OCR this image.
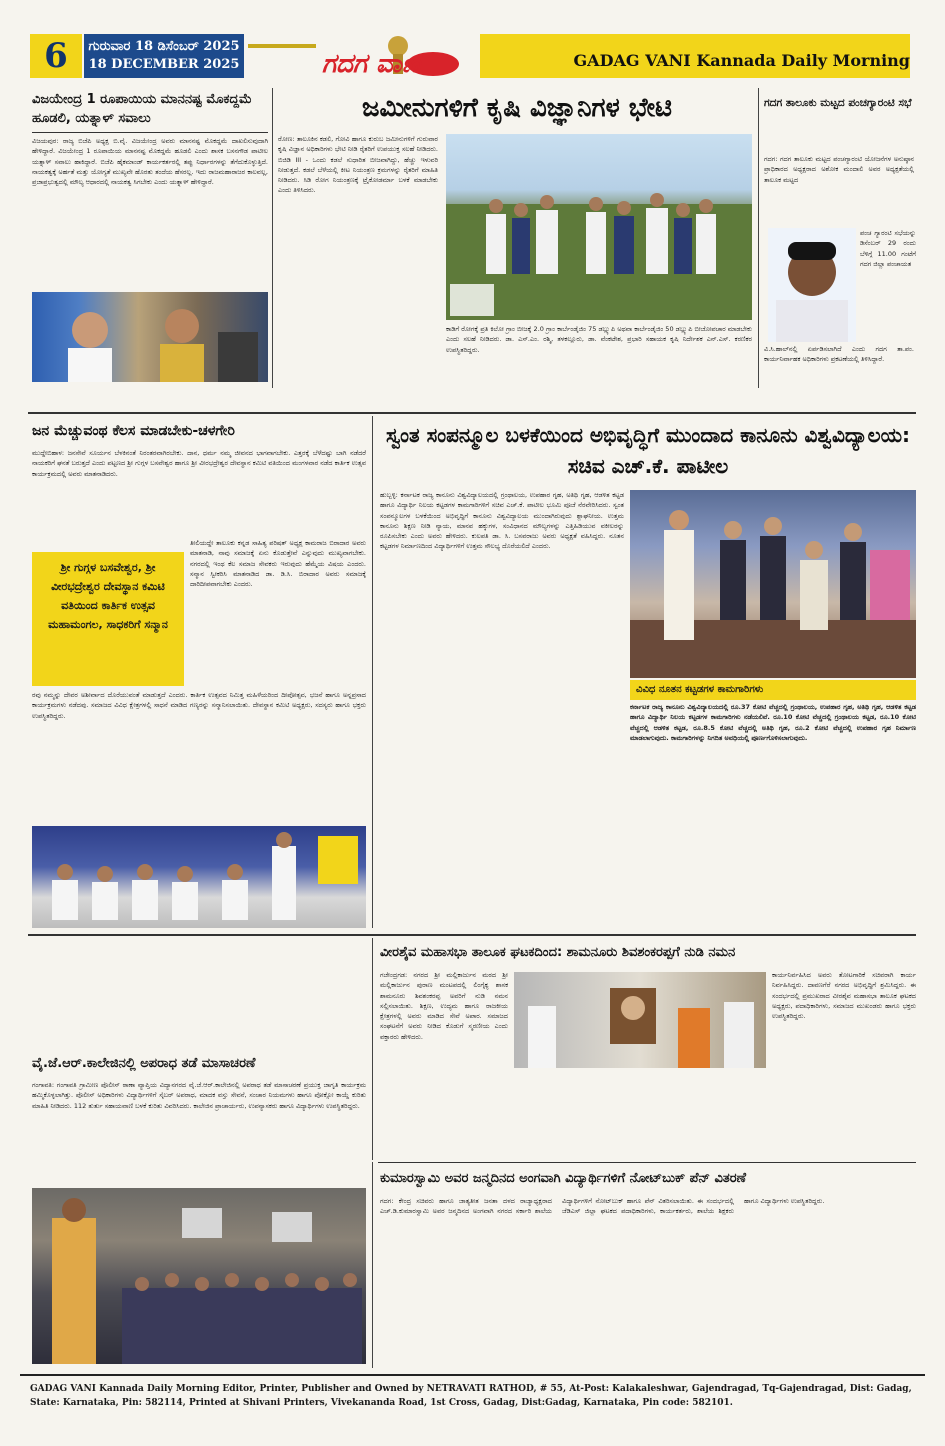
6	ಗುರುವಾರ 18 ಡಿಸೆಂಬರ್ 2025
18 DECEMBER 2025	ಗದಗ ವಾಣಿ	GADAG VANI Kannada Daily Morning
ವಿಜಯೇಂದ್ರ 1 ರೂಪಾಯಿಯ ಮಾನನಷ್ಟ ಮೊಕದ್ದಮೆ ಹೂಡಲಿ, ಯತ್ನಾಳ್ ಸವಾಲು
ವಿಜಯಪುರ: ರಾಜ್ಯ ಬಿಜೆಪಿ ಅಧ್ಯಕ್ಷ ಬಿ.ವೈ. ವಿಜಯೇಂದ್ರ ಅವರು ಮಾನನಷ್ಟ ಮೊಕದ್ದಮೆ ದಾಖಲಿಸುವುದಾಗಿ ಹೇಳಿದ್ದಾರೆ. ವಿಜಯೇಂದ್ರ 1 ರೂಪಾಯಿಯ ಮಾನನಷ್ಟ ಮೊಕದ್ದಮೆ ಹೂಡಲಿ ಎಂದು ಶಾಸಕ ಬಸನಗೌಡ ಪಾಟೀಲ ಯತ್ನಾಳ್ ಸವಾಲು ಹಾಕಿದ್ದಾರೆ. ಬಿಜೆಪಿ ಹೈಕಮಾಂಡ್ ಕಾರ್ಯಕರ್ತರಲ್ಲಿ ತಪ್ಪು ನಿರ್ಧಾರಗಳನ್ನು ತೆಗೆದುಕೊಳ್ಳುತ್ತಿದೆ. ನಾಯಕತ್ವಕ್ಕೆ ಅರ್ಹತೆ ಮತ್ತು ಯೋಗ್ಯತೆ ಮುಖ್ಯವೇ ಹೊರತು ತಂದೆಯ ಹೆಸರಲ್ಲ. ಇದು ರಾಜಮಹಾರಾಜರ ಕಾಲವಲ್ಲ, ಪ್ರಜಾಪ್ರಭುತ್ವದಲ್ಲಿ ಮೌಲ್ಯ ಆಧಾರದಲ್ಲಿ ನಾಯಕತ್ವ ಸಿಗಬೇಕು ಎಂದು ಯತ್ನಾಳ್ ಹೇಳಿದ್ದಾರೆ.
ಜಮೀನುಗಳಿಗೆ ಕೃಷಿ ವಿಜ್ಞಾನಿಗಳ ಭೇಟಿ
ರೋಣ: ತಾಲೂಕಿನ ಕಡಲಿ, ಗೋವಿ ಹಾಗೂ ಕುರುಬ ಜಮೀನುಗಳಿಗೆ ಗುರುವಾರ ಕೃಷಿ ವಿಜ್ಞಾನ ಅಧಿಕಾರಿಗಳು ಭೇಟಿ ನೀಡಿ ರೈತರಿಗೆ ಉಪಯುಕ್ತ ಸಲಹೆ ನೀಡಿದರು. ಬಿಜಿಡಿ III - ಒಂದು ಕಡಲೆ ಸುಧಾರಿತ ಬೀಜವಾಗಿದ್ದು, ಹೆಚ್ಚು ಇಳುವರಿ ನೀಡುತ್ತದೆ. ಕಡಲೆ ಬೆಳೆಯಲ್ಲಿ ಕೀಟ ನಿಯಂತ್ರಣ ಕ್ರಮಗಳನ್ನು ರೈತರಿಗೆ ಮಾಹಿತಿ ನೀಡಿದರು. ಸಿಡಿ ರೋಗ ನಿಯಂತ್ರಣಕ್ಕೆ ಟ್ರೈಕೋಡರ್ಮಾ ಬಳಕೆ ಮಾಡಬೇಕು ಎಂದು ತಿಳಿಸಿದರು.
ಕಾಡಿಗೆ ರೋಗಕ್ಕೆ ಪ್ರತಿ ಕಿಲೋ ಗ್ರಾಂ ಬೀಜಕ್ಕೆ 2.0 ಗ್ರಾಂ ಕಾರ್ಬೆಂಡೈಜಿಂ 75 ಡಬ್ಲ್ಯುಪಿ ಅಥವಾ ಕಾರ್ಬೆಂಡೈಜಿಂ 50 ಡಬ್ಲ್ಯುಪಿ ಬೀಜೋಪಚಾರ ಮಾಡಬೇಕು ಎಂದು ಸಲಹೆ ನೀಡಿದರು. ಡಾ. ಎಸ್.ಎಂ. ರಶ್ಮಿ, ತಳಕಲ್ಲೂರು, ಡಾ. ವೆಂಕಟೇಶ, ಪ್ರಭಾರಿ ಸಹಾಯಕ ಕೃಷಿ ನಿರ್ದೇಶಕ ಎನ್.ಎಸ್. ಕರಣಿಕರ ಉಪಸ್ಥಿತರಿದ್ದರು.
ಗದಗ ತಾಲೂಕು ಮಟ್ಟದ ಪಂಚಗ್ಯಾರಂಟಿ ಸಭೆ
ಗದಗ: ಗದಗ ತಾಲೂಕು ಮಟ್ಟದ ಪಂಚಗ್ಯಾರಂಟಿ ಯೋಜನೆಗಳ ಅನುಷ್ಠಾನ ಪ್ರಾಧಿಕಾರದ ಅಧ್ಯಕ್ಷರಾದ ಅಶೋಕ ಮಂದಾಲಿ ಅವರ ಅಧ್ಯಕ್ಷತೆಯಲ್ಲಿ ತಾಲೂಕ ಮಟ್ಟದ
ಪಂಚ ಗ್ಯಾರಂಟಿ ಸಭೆಯನ್ನು ಡಿಸೆಂಬರ್ 29 ರಂದು ಬೆಳಿಗ್ಗೆ 11.00 ಗಂಟೆಗೆ ಗದಗ ಜಿಲ್ಲಾ ಪಂಚಾಯತ
ವಿ.ಸಿ.ಹಾಲ್‌ನಲ್ಲಿ ಏರ್ಪಡಿಸಲಾಗಿದೆ ಎಂದು ಗದಗ ತಾ.ಪಂ. ಕಾರ್ಯನಿರ್ವಾಹಕ ಅಧಿಕಾರಿಗಳು ಪ್ರಕಟಣೆಯಲ್ಲಿ ತಿಳಿಸಿದ್ದಾರೆ.
ಜನ ಮೆಚ್ಚುವಂಥ ಕೆಲಸ ಮಾಡಬೇಕು-ಚಳಗೇರಿ
ಮುದ್ದೇಬಿಹಾಳ: ಜನಸೇವೆ ಸೂರ್ಯನ ಬೆಳಕಿನಂತೆ ನಿರಂತರವಾಗಿರಬೇಕು. ದಾನ, ಧರ್ಮ ನಮ್ಮ ಜೀವನದ ಭಾಗವಾಗಬೇಕು. ಎತ್ತರಕ್ಕೆ ಬೆಳೆದಷ್ಟು ಬಾಗಿ ನಡೆದರೆ ನಾಯಕರಿಗೆ ಘನತೆ ಬರುತ್ತದೆ ಎಂದು ಪಟ್ಟಣದ ಶ್ರೀ ಗುಗ್ಗಳ ಬಸವೇಶ್ವರ ಹಾಗೂ ಶ್ರೀ ವೀರಭದ್ರೇಶ್ವರ ದೇವಸ್ಥಾನ ಕಮಿಟಿ ವತಿಯಿಂದ ಮಂಗಳವಾರ ನಡೆದ ಕಾರ್ತಿಕ ಉತ್ಸವ ಕಾರ್ಯಕ್ರಮದಲ್ಲಿ ಅವರು ಮಾತನಾಡಿದರು.
ಶ್ರೀ ಗುಗ್ಗಳ ಬಸವೇಶ್ವರ, ಶ್ರೀ ವೀರಭದ್ರೇಶ್ವರ ದೇವಸ್ಥಾನ ಕಮಿಟಿ ವತಿಯಿಂದ ಕಾರ್ತಿಕ ಉತ್ಸವ ಮಹಾಮಂಗಲ, ಸಾಧಕರಿಗೆ ಸನ್ಮಾನ
ತೀಲಿಯದ್ದೇ ತಾಲೂಕು ಕನ್ನಡ ಸಾಹಿತ್ಯ ಪರಿಷತ್ ಅಧ್ಯಕ್ಷ ಕಾಮರಾಜ ಬಿರಾದಾರ ಅವರು ಮಾತನಾಡಿ, ನಾವು ಸಮಾಜಕ್ಕೆ ಏನು ಕೊಡುತ್ತೇವೆ ಎನ್ನುವುದು ಮುಖ್ಯವಾಗಬೇಕು. ನಗರದಲ್ಲಿ ಇಂಥ ಕೆಲ ಸಮಾಜ ಸೇವಕರು ಇರುವುದು ಹೆಮ್ಮೆಯ ವಿಷಯ ಎಂದರು. ಸನ್ಮಾನ ಸ್ವೀಕರಿಸಿ ಮಾತನಾಡಿದ ಡಾ. ಡಿ.ಸಿ. ಬಿರಾದಾರ ಅವರು ಸಮಾಜಕ್ಕೆ ದಾರಿದೀಪವಾಗಬೇಕು ಎಂದರು.
ರವು ನಮ್ಮನ್ನು ದೇವರ ಅಶೀರ್ವಾದ ದೊರೆಯುವಂತೆ ಮಾಡುತ್ತದೆ ಎಂದರು. ಕಾರ್ತಿಕ ಉತ್ಸವದ ನಿಮಿತ್ತ ಮಹಿಳೆಯರಿಂದ ದೀಪೋತ್ಸವ, ಭಜನೆ ಹಾಗೂ ಅನ್ನಪ್ರಸಾದ ಕಾರ್ಯಕ್ರಮಗಳು ನಡೆದವು. ಸಮಾಜದ ವಿವಿಧ ಕ್ಷೇತ್ರಗಳಲ್ಲಿ ಸಾಧನೆ ಮಾಡಿದ ಗಣ್ಯರನ್ನು ಸನ್ಮಾನಿಸಲಾಯಿತು. ದೇವಸ್ಥಾನ ಕಮಿಟಿ ಅಧ್ಯಕ್ಷರು, ಸದಸ್ಯರು ಹಾಗೂ ಭಕ್ತರು ಉಪಸ್ಥಿತರಿದ್ದರು.
ಸ್ವಂತ ಸಂಪನ್ಮೂಲ ಬಳಕೆಯಿಂದ ಅಭಿವೃದ್ಧಿಗೆ ಮುಂದಾದ ಕಾನೂನು ವಿಶ್ವವಿದ್ಯಾಲಯ: ಸಚಿವ ಎಚ್.ಕೆ. ಪಾಟೀಲ
ಹುಬ್ಬಳ್ಳಿ: ಕರ್ನಾಟಕ ರಾಜ್ಯ ಕಾನೂನು ವಿಶ್ವವಿದ್ಯಾಲಯದಲ್ಲಿ ಗ್ರಂಥಾಲಯ, ಉಪಹಾರ ಗೃಹ, ಅತಿಥಿ ಗೃಹ, ಆಡಳಿತ ಕಟ್ಟಡ ಹಾಗೂ ವಿದ್ಯಾರ್ಥಿ ನಿಲಯ ಕಟ್ಟಡಗಳ ಕಾಮಗಾರಿಗಳಿಗೆ ಸಚಿವ ಎಚ್.ಕೆ. ಪಾಟೀಲ ಭೂಮಿ ಪೂಜೆ ನೆರವೇರಿಸಿದರು. ಸ್ವಂತ ಸಂಪನ್ಮೂಲಗಳ ಬಳಕೆಯಿಂದ ಅಭಿವೃದ್ಧಿಗೆ ಕಾನೂನು ವಿಶ್ವವಿದ್ಯಾಲಯ ಮುಂದಾಗಿರುವುದು ಶ್ಲಾಘನೀಯ. ಉತ್ತಮ ಕಾನೂನು ಶಿಕ್ಷಣ ನೀಡಿ ನ್ಯಾಯ, ಮಾನವ ಹಕ್ಕುಗಳ, ಸಂವಿಧಾನದ ಮೌಲ್ಯಗಳನ್ನು ಎತ್ತಿಹಿಡಿಯುವ ವಕೀಲರನ್ನು ರೂಪಿಸಬೇಕು ಎಂದು ಅವರು ಹೇಳಿದರು. ಕುಲಪತಿ ಡಾ. ಸಿ. ಬಸವರಾಜು ಅವರು ಅಧ್ಯಕ್ಷತೆ ವಹಿಸಿದ್ದರು. ನೂತನ ಕಟ್ಟಡಗಳ ನಿರ್ಮಾಣದಿಂದ ವಿದ್ಯಾರ್ಥಿಗಳಿಗೆ ಉತ್ತಮ ಸೌಲಭ್ಯ ದೊರೆಯಲಿದೆ ಎಂದರು.
ವಿವಿಧ ನೂತನ ಕಟ್ಟಡಗಳ ಕಾಮಗಾರಿಗಳು
ಕರ್ನಾಟಕ ರಾಜ್ಯ ಕಾನೂನು ವಿಶ್ವವಿದ್ಯಾಲಯದಲ್ಲಿ ರೂ.37 ಕೋಟಿ ವೆಚ್ಚದಲ್ಲಿ ಗ್ರಂಥಾಲಯ, ಉಪಹಾರ ಗೃಹ, ಅತಿಥಿ ಗೃಹ, ಆಡಳಿತ ಕಟ್ಟಡ ಹಾಗೂ ವಿದ್ಯಾರ್ಥಿ ನಿಲಯ ಕಟ್ಟಡಗಳ ಕಾಮಗಾರಿಗಳು ನಡೆಯಲಿವೆ. ರೂ.10 ಕೋಟಿ ವೆಚ್ಚದಲ್ಲಿ ಗ್ರಂಥಾಲಯ ಕಟ್ಟಡ, ರೂ.10 ಕೋಟಿ ವೆಚ್ಚದಲ್ಲಿ ಆಡಳಿತ ಕಟ್ಟಡ, ರೂ.8.5 ಕೋಟಿ ವೆಚ್ಚದಲ್ಲಿ ಅತಿಥಿ ಗೃಹ, ರೂ.2 ಕೋಟಿ ವೆಚ್ಚದಲ್ಲಿ ಉಪಹಾರ ಗೃಹ ನಿರ್ಮಾಣ ಮಾಡಲಾಗುವುದು. ಕಾಮಗಾರಿಗಳನ್ನು ನಿಗದಿತ ಅವಧಿಯಲ್ಲಿ ಪೂರ್ಣಗೊಳಿಸಲಾಗುವುದು.
ವೀರಶೈವ ಮಹಾಸಭಾ ತಾಲೂಕ ಘಟಕದಿಂದ: ಶಾಮನೂರು ಶಿವಶಂಕರಪ್ಪಗೆ ನುಡಿ ನಮನ
ಗಜೇಂದ್ರಗಡ: ನಗರದ ಶ್ರೀ ಮಲ್ಲಿಕಾರ್ಜುನ ಮಠದ ಶ್ರೀ ಮಲ್ಲಿಕಾರ್ಜುನ ಪುರಾಣ ಮಂಟಪದಲ್ಲಿ ಲಿಂಗೈಕ್ಯ ಶಾಸಕ ಶಾಮನೂರು ಶಿವಶಂಕರಪ್ಪ ಅವರಿಗೆ ನುಡಿ ನಮನ ಸಲ್ಲಿಸಲಾಯಿತು. ಶಿಕ್ಷಣ, ಉದ್ಯಮ ಹಾಗೂ ರಾಜಕೀಯ ಕ್ಷೇತ್ರಗಳಲ್ಲಿ ಅವರು ಮಾಡಿದ ಸೇವೆ ಅಪಾರ. ಸಮಾಜದ ಸಂಘಟನೆಗೆ ಅವರು ನೀಡಿದ ಕೊಡುಗೆ ಸ್ಮರಣೀಯ ಎಂದು ವಕ್ತಾರರು ಹೇಳಿದರು.
ಕಾರ್ಯನಿರ್ವಹಿಸಿದ ಅವರು ತೋಟಗಾರಿಕೆ ಸಚಿವರಾಗಿ ಕಾರ್ಯ ನಿರ್ವಹಿಸಿದ್ದರು. ದಾವಣಗೆರೆ ನಗರದ ಅಭಿವೃದ್ಧಿಗೆ ಶ್ರಮಿಸಿದ್ದರು. ಈ ಸಂದರ್ಭದಲ್ಲಿ ಪ್ರಮುಖರಾದ ವೀರಶೈವ ಮಹಾಸಭಾ ತಾಲೂಕ ಘಟಕದ ಅಧ್ಯಕ್ಷರು, ಪದಾಧಿಕಾರಿಗಳು, ಸಮಾಜದ ಮುಖಂಡರು ಹಾಗೂ ಭಕ್ತರು ಉಪಸ್ಥಿತರಿದ್ದರು.
ವೈ.ಜೆ.ಆರ್.ಕಾಲೇಜಿನಲ್ಲಿ ಅಪರಾಧ ತಡೆ ಮಾಸಾಚರಣೆ
ಗಂಗಾವತಿ: ಗಂಗಾವತಿ ಗ್ರಾಮೀಣ ಪೊಲೀಸ್ ಠಾಣಾ ವ್ಯಾಪ್ತಿಯ ವಿದ್ಯಾನಗರದ ವೈ.ಜೆ.ಆರ್.ಕಾಲೇಜಿನಲ್ಲಿ ಅಪರಾಧ ತಡೆ ಮಾಸಾಚರಣೆ ಪ್ರಯುಕ್ತ ಜಾಗೃತಿ ಕಾರ್ಯಕ್ರಮ ಹಮ್ಮಿಕೊಳ್ಳಲಾಗಿತ್ತು. ಪೊಲೀಸ್ ಅಧಿಕಾರಿಗಳು ವಿದ್ಯಾರ್ಥಿಗಳಿಗೆ ಸೈಬರ್ ಅಪರಾಧ, ಮಾದಕ ವಸ್ತು ಸೇವನೆ, ಸಂಚಾರ ನಿಯಮಗಳು ಹಾಗೂ ಪೋಕ್ಸೋ ಕಾಯ್ದೆ ಕುರಿತು ಮಾಹಿತಿ ನೀಡಿದರು. 112 ತುರ್ತು ಸಹಾಯವಾಣಿ ಬಳಕೆ ಕುರಿತು ವಿವರಿಸಿದರು. ಕಾಲೇಜಿನ ಪ್ರಾಚಾರ್ಯರು, ಉಪನ್ಯಾಸಕರು ಹಾಗೂ ವಿದ್ಯಾರ್ಥಿಗಳು ಉಪಸ್ಥಿತರಿದ್ದರು.
ಕುಮಾರಸ್ವಾಮಿ ಅವರ ಜನ್ಮದಿನದ ಅಂಗವಾಗಿ ವಿದ್ಯಾರ್ಥಿಗಳಿಗೆ ನೋಟ್‌ಬುಕ್ ಪೆನ್ ವಿತರಣೆ
ಗದಗ: ಕೇಂದ್ರ ಸಚಿವರು ಹಾಗೂ ಜಾತ್ಯತೀತ ಜನತಾ ದಳದ ರಾಜ್ಯಾಧ್ಯಕ್ಷರಾದ ಎಚ್.ಡಿ.ಕುಮಾರಸ್ವಾಮಿ ಅವರ ಜನ್ಮದಿನದ ಅಂಗವಾಗಿ ನಗರದ ಸರ್ಕಾರಿ ಶಾಲೆಯ ವಿದ್ಯಾರ್ಥಿಗಳಿಗೆ ನೋಟ್‌ಬುಕ್ ಹಾಗೂ ಪೆನ್ ವಿತರಿಸಲಾಯಿತು. ಈ ಸಂದರ್ಭದಲ್ಲಿ ಜೆಡಿಎಸ್ ಜಿಲ್ಲಾ ಘಟಕದ ಪದಾಧಿಕಾರಿಗಳು, ಕಾರ್ಯಕರ್ತರು, ಶಾಲೆಯ ಶಿಕ್ಷಕರು ಹಾಗೂ ವಿದ್ಯಾರ್ಥಿಗಳು ಉಪಸ್ಥಿತರಿದ್ದರು.
GADAG VANI Kannada Daily Morning Editor, Printer, Publisher and Owned by NETRAVATI RATHOD, # 55, At-Post: Kalakaleshwar, Gajendragad, Tq-Gajendragad, Dist: Gadag, State: Karnataka, Pin: 582114, Printed at Shivani Printers, Vivekananda Road, 1st Cross, Gadag, Dist:Gadag, Karnataka, Pin code: 582101.
